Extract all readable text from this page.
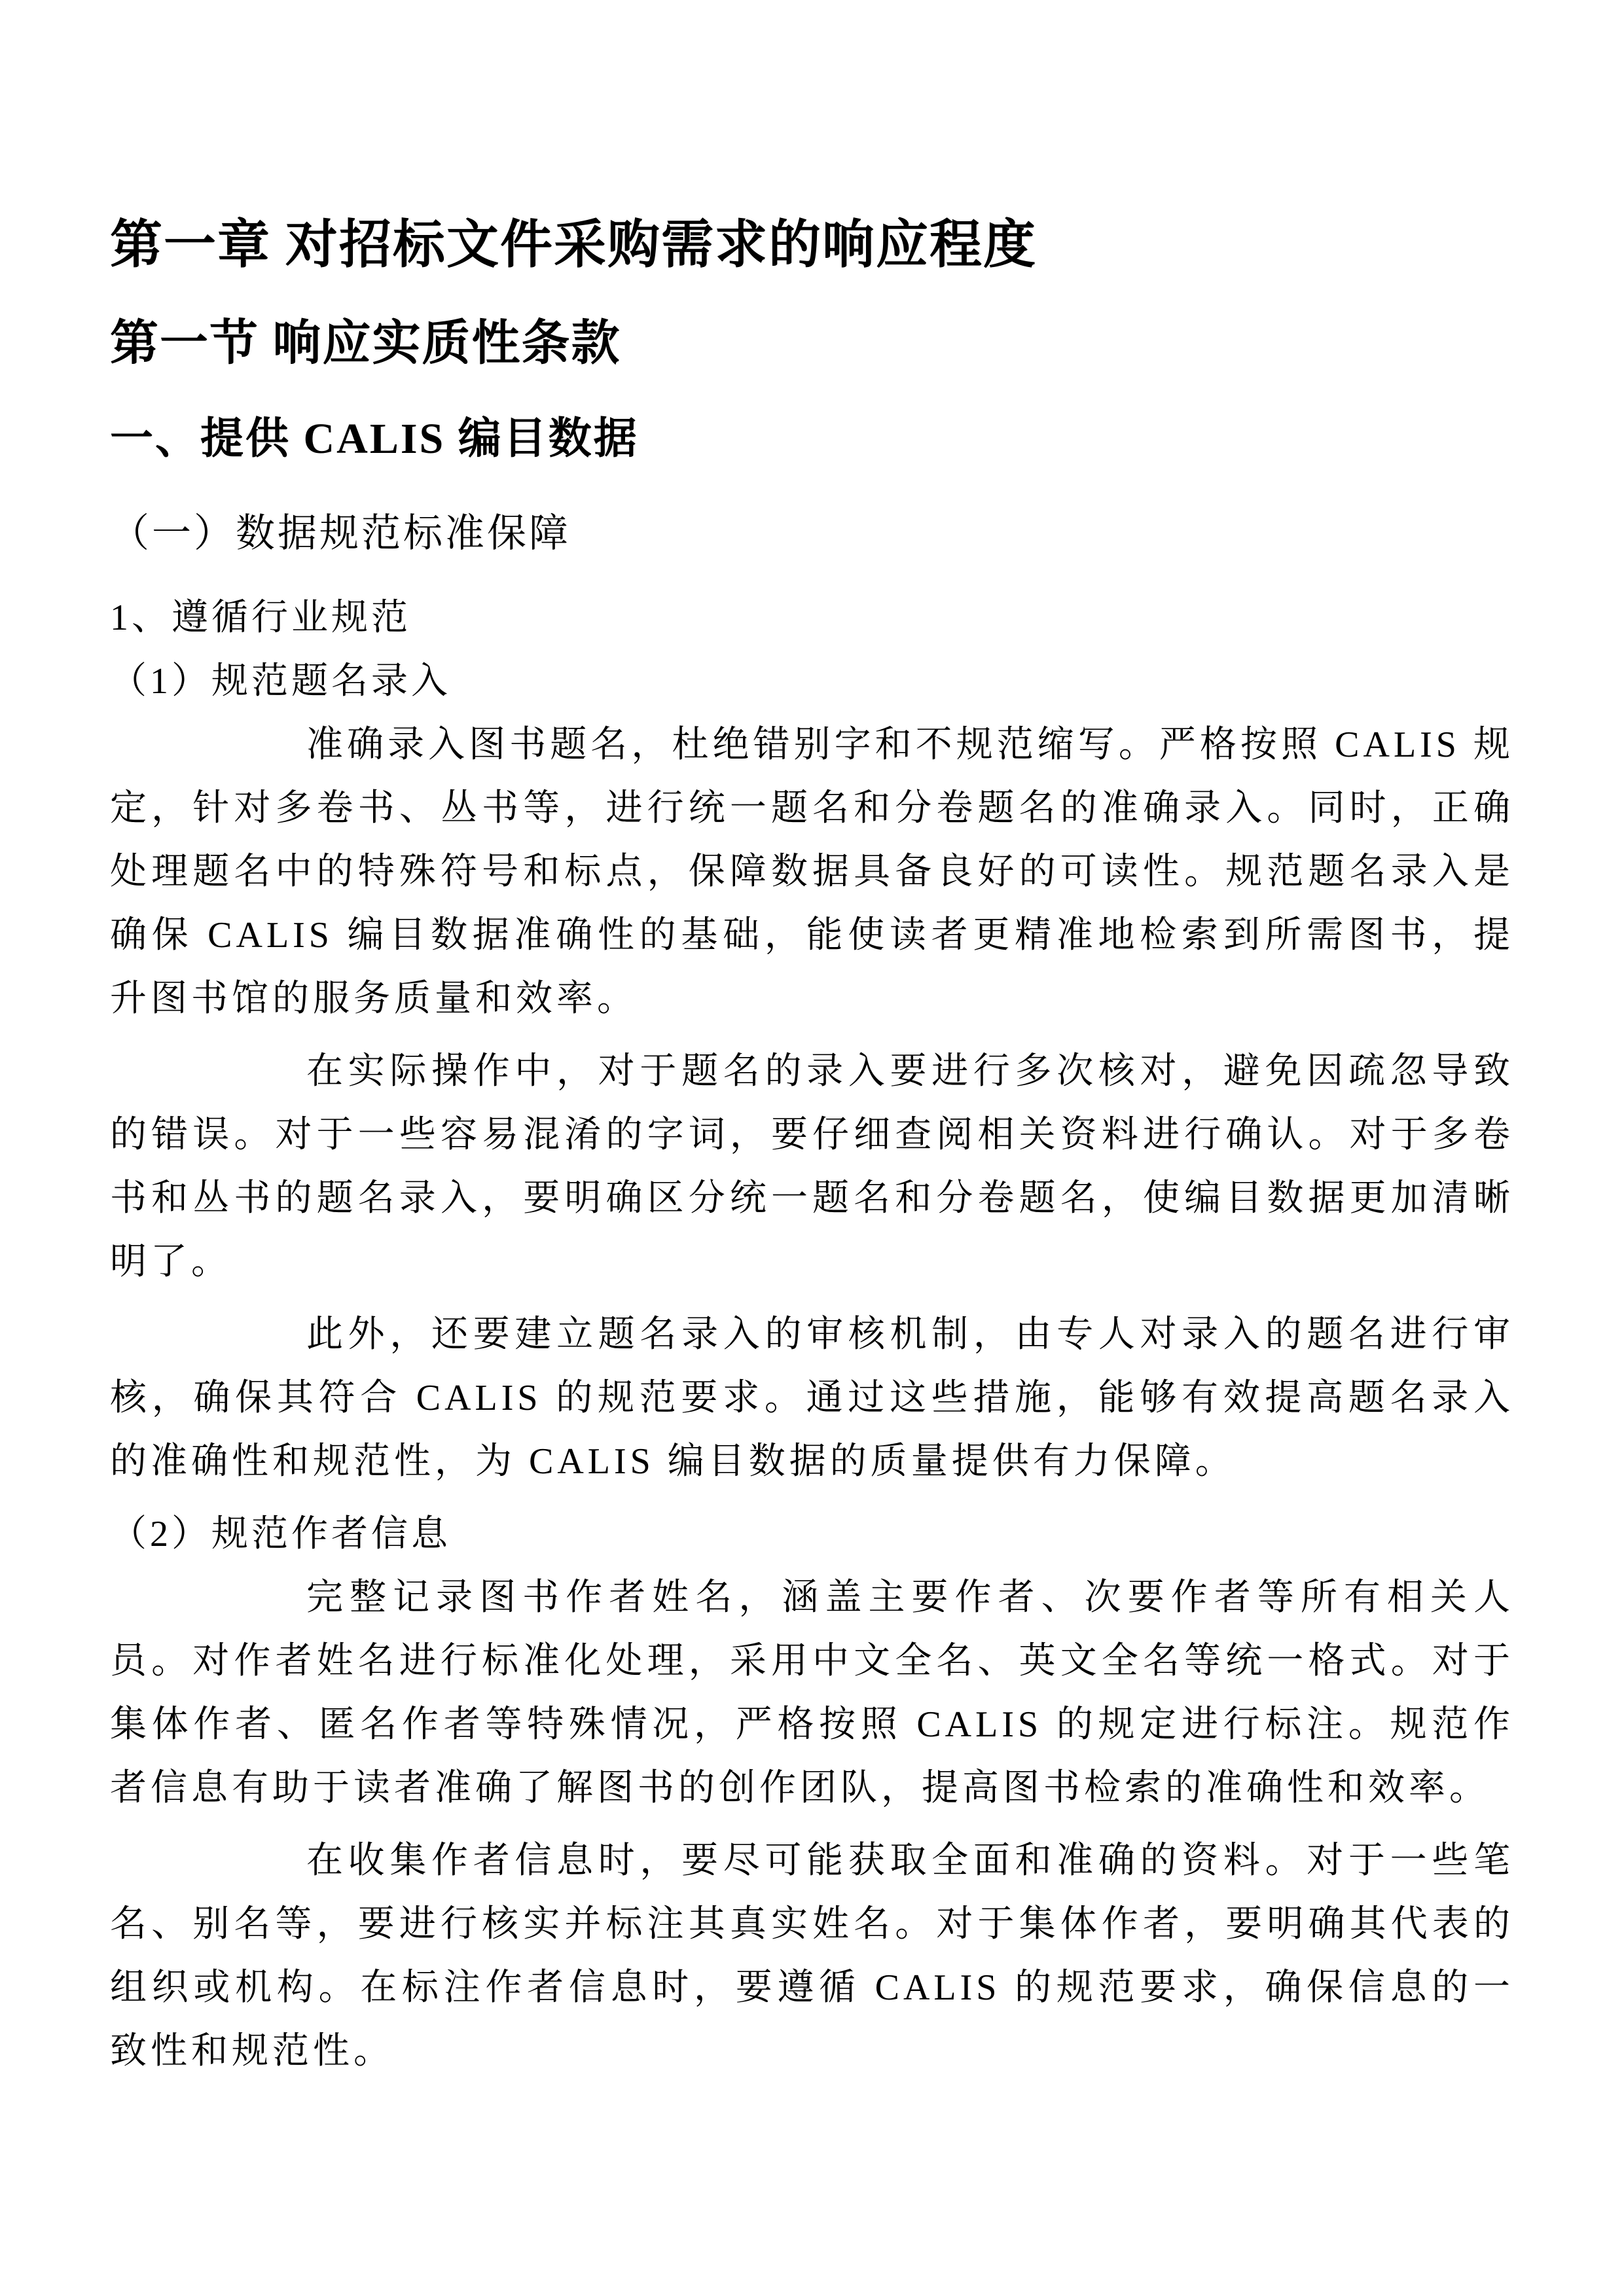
第一章 对招标文件采购需求的响应程度
第一节 响应实质性条款
一、提供 CALIS 编目数据
（一）数据规范标准保障
1、遵循行业规范
（1）规范题名录入

准确录入图书题名，杜绝错别字和不规范缩写。严格按照 CALIS 规定，针对多卷书、丛书等，进行统一题名和分卷题名的准确录入。同时，正确处理题名中的特殊符号和标点，保障数据具备良好的可读性。规范题名录入是确保 CALIS 编目数据准确性的基础，能使读者更精准地检索到所需图书，提升图书馆的服务质量和效率。

在实际操作中，对于题名的录入要进行多次核对，避免因疏忽导致的错误。对于一些容易混淆的字词，要仔细查阅相关资料进行确认。对于多卷书和丛书的题名录入，要明确区分统一题名和分卷题名，使编目数据更加清晰明了。

此外，还要建立题名录入的审核机制，由专人对录入的题名进行审核，确保其符合 CALIS 的规范要求。通过这些措施，能够有效提高题名录入的准确性和规范性，为 CALIS 编目数据的质量提供有力保障。

（2）规范作者信息

完整记录图书作者姓名，涵盖主要作者、次要作者等所有相关人员。对作者姓名进行标准化处理，采用中文全名、英文全名等统一格式。对于集体作者、匿名作者等特殊情况，严格按照 CALIS 的规定进行标注。规范作者信息有助于读者准确了解图书的创作团队，提高图书检索的准确性和效率。

在收集作者信息时，要尽可能获取全面和准确的资料。对于一些笔名、别名等，要进行核实并标注其真实姓名。对于集体作者，要明确其代表的组织或机构。在标注作者信息时，要遵循 CALIS 的规范要求，确保信息的一致性和规范性。
